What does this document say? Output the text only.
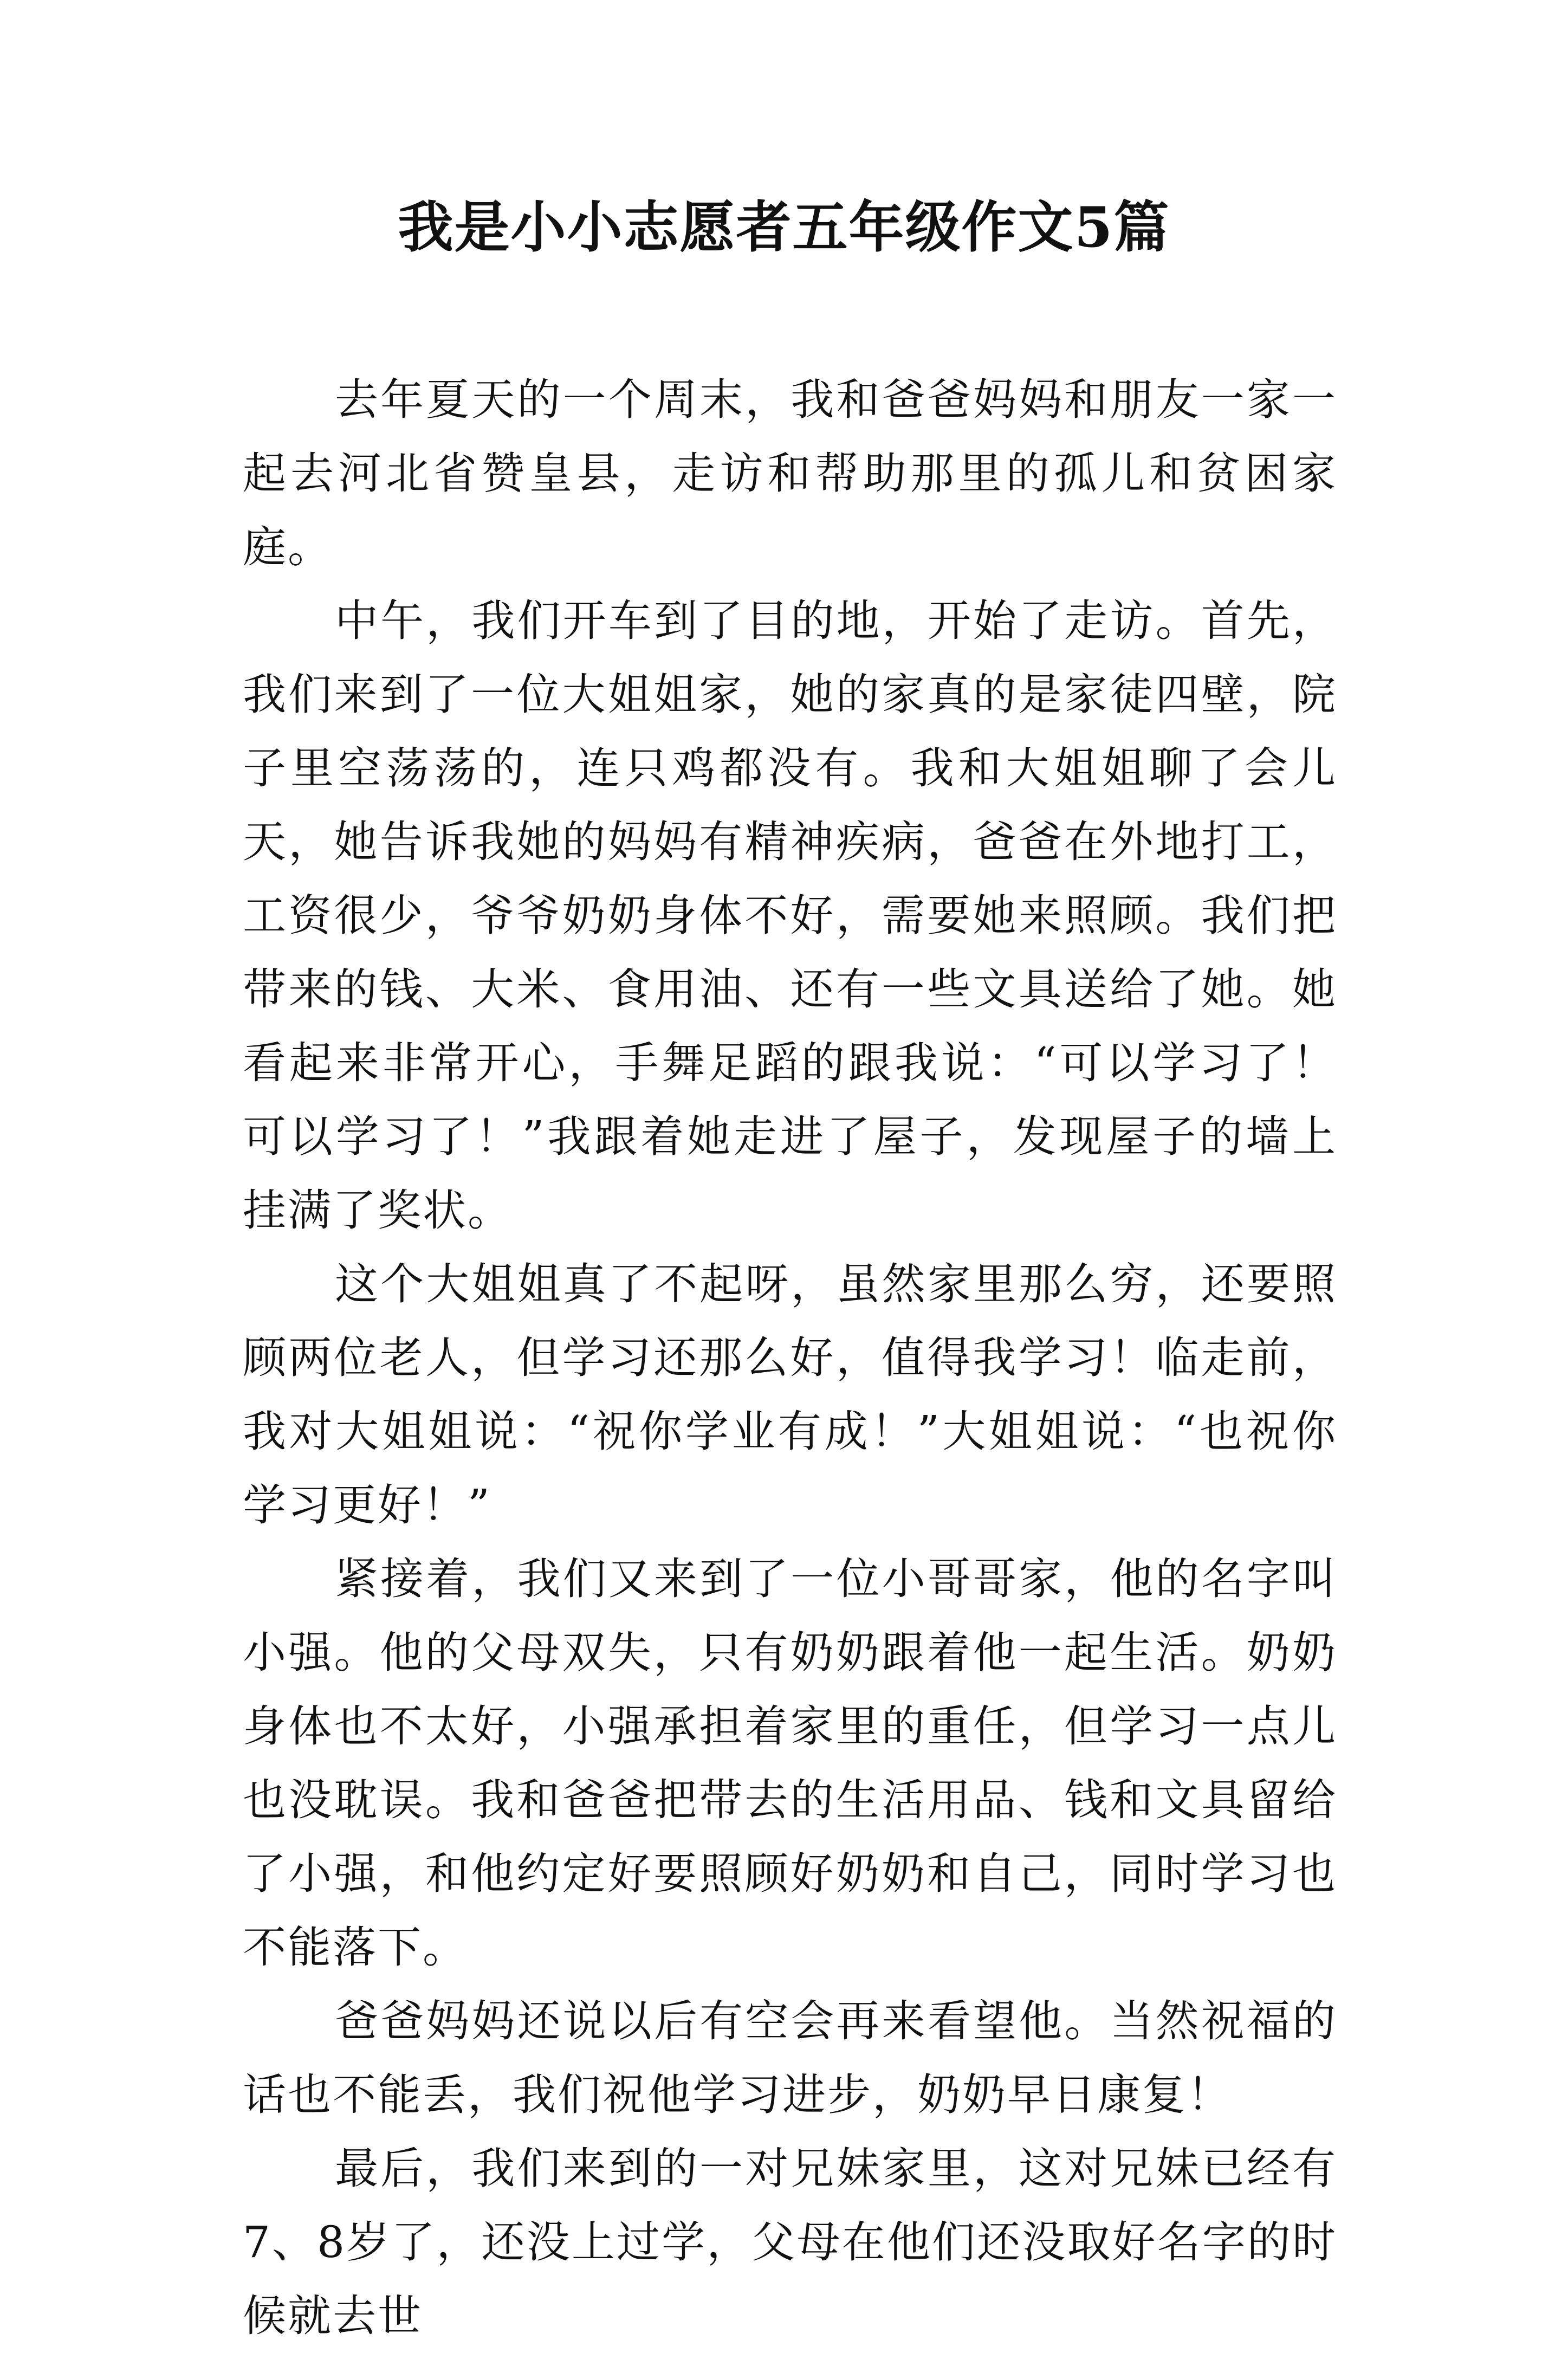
我是小小志愿者五年级作文5篇

去年夏天的一个周末，我和爸爸妈妈和朋友一家一起去河北省赞皇县，走访和帮助那里的孤儿和贫困家庭。

中午，我们开车到了目的地，开始了走访。首先，我们来到了一位大姐姐家，她的家真的是家徒四壁，院子里空荡荡的，连只鸡都没有。我和大姐姐聊了会儿天，她告诉我她的妈妈有精神疾病，爸爸在外地打工，工资很少，爷爷奶奶身体不好，需要她来照顾。我们把带来的钱、大米、食用油、还有一些文具送给了她。她看起来非常开心，手舞足蹈的跟我说：“可以学习了！可以学习了！”我跟着她走进了屋子，发现屋子的墙上挂满了奖状。

这个大姐姐真了不起呀，虽然家里那么穷，还要照顾两位老人，但学习还那么好，值得我学习！临走前，我对大姐姐说：“祝你学业有成！”大姐姐说：“也祝你学习更好！”

紧接着，我们又来到了一位小哥哥家，他的名字叫小强。他的父母双失，只有奶奶跟着他一起生活。奶奶身体也不太好，小强承担着家里的重任，但学习一点儿也没耽误。我和爸爸把带去的生活用品、钱和文具留给了小强，和他约定好要照顾好奶奶和自己，同时学习也不能落下。

爸爸妈妈还说以后有空会再来看望他。当然祝福的话也不能丢，我们祝他学习进步，奶奶早日康复！

最后，我们来到的一对兄妹家里，这对兄妹已经有7、8岁了，还没上过学，父母在他们还没取好名字的时候就去世
